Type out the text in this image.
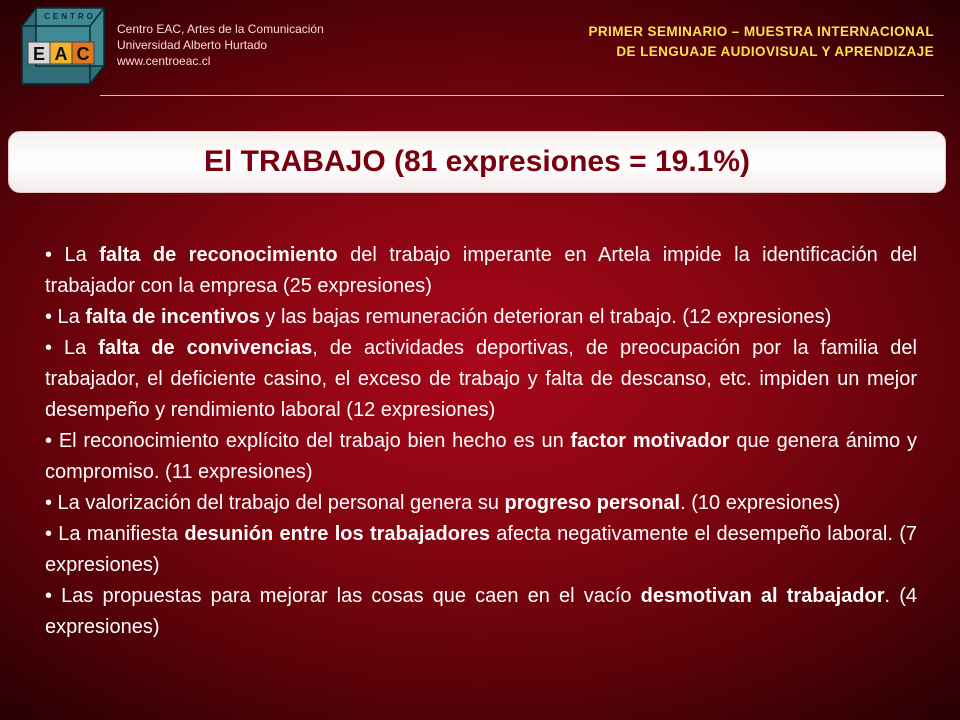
CENTRO
E A C
Centro EAC, Artes de la Comunicación
Universidad Alberto Hurtado
www.centroeac.cl
PRIMER SEMINARIO – MUESTRA INTERNACIONAL
DE LENGUAJE AUDIOVISUAL Y APRENDIZAJE
El TRABAJO (81 expresiones = 19.1%)

• La falta de reconocimiento del trabajo imperante en Artela impide la identificación del trabajador con la empresa (25 expresiones)

• La falta de incentivos y las bajas remuneración deterioran el trabajo. (12 expresiones)

• La falta de convivencias, de actividades deportivas, de preocupación por la familia del trabajador, el deficiente casino, el exceso de trabajo y falta de descanso, etc. impiden un mejor desempeño y rendimiento laboral (12 expresiones)

• El reconocimiento explícito del trabajo bien hecho es un factor motivador que genera ánimo y compromiso. (11 expresiones)

• La valorización del trabajo del personal genera su progreso personal. (10 expresiones)

• La manifiesta desunión entre los trabajadores afecta negativamente el desempeño laboral. (7 expresiones)

• Las propuestas para mejorar las cosas que caen en el vacío desmotivan al trabajador. (4 expresiones)
